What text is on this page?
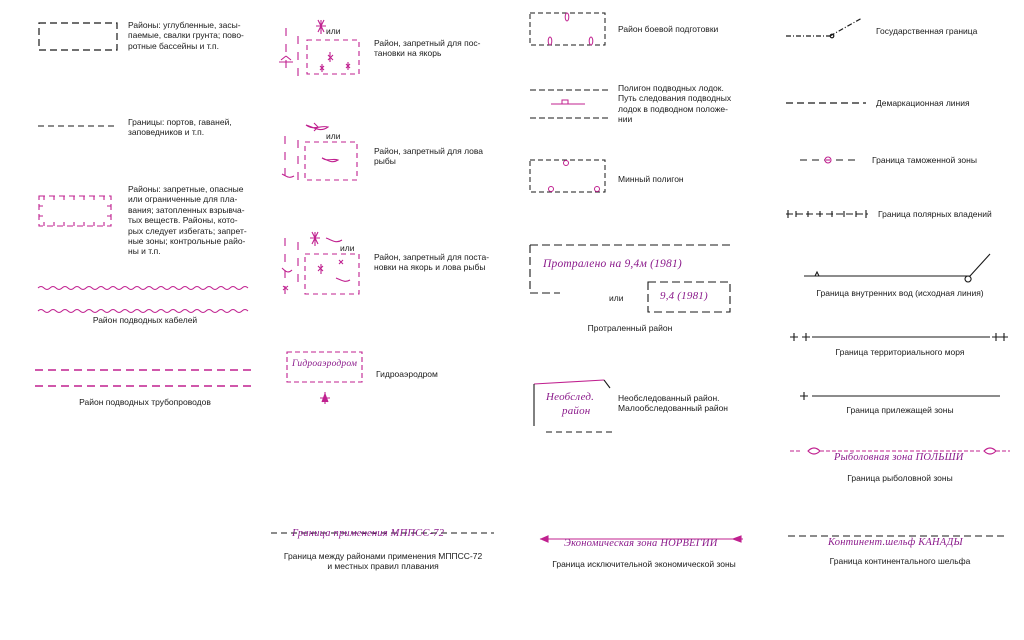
Районы: углубленные, засы-
паемые, свалки грунта; пово-
ротные бассейны и т.п.
Границы: портов, гаваней,
заповедников и т.п.
Районы: запретные, опасные
или ограниченные для пла-
вания; затопленных взрывча-
тых веществ. Районы, кото-
рых следует избегать; запрет-
ные зоны; контрольные райо-
ны и т.п.
Район подводных кабелей
Район подводных трубопроводов
или
или
или
Район, запретный для пос-
тановки на якорь
Район, запретный для лова
рыбы
Район, запретный для поста-
новки на якорь и лова рыбы
Гидроаэродром
Гидроаэродром
Граница применения МППСС-72
Граница между районами применения МППСС-72
и местных правил плавания
Район боевой подготовки
Полигон подводных лодок.
Путь следования подводных
лодок в подводном положе-
нии
Минный полигон
Протралено на 9,4м (1981)
или	9,4 (1981)
Протраленный район
Необслед.
район
Необследованный район.
Малообследованный район
Экономическая зона НОРВЕГИИ
Граница исключительной экономической зоны
Государственная граница
Демаркационная линия
Граница таможенной зоны
Граница полярных владений
Граница внутренних вод (исходная линия)
Граница территориального моря
Граница прилежащей зоны
Рыболовная зона ПОЛЬШИ
Граница рыболовной зоны
Континент.шельф КАНАДЫ
Граница континентального шельфа
